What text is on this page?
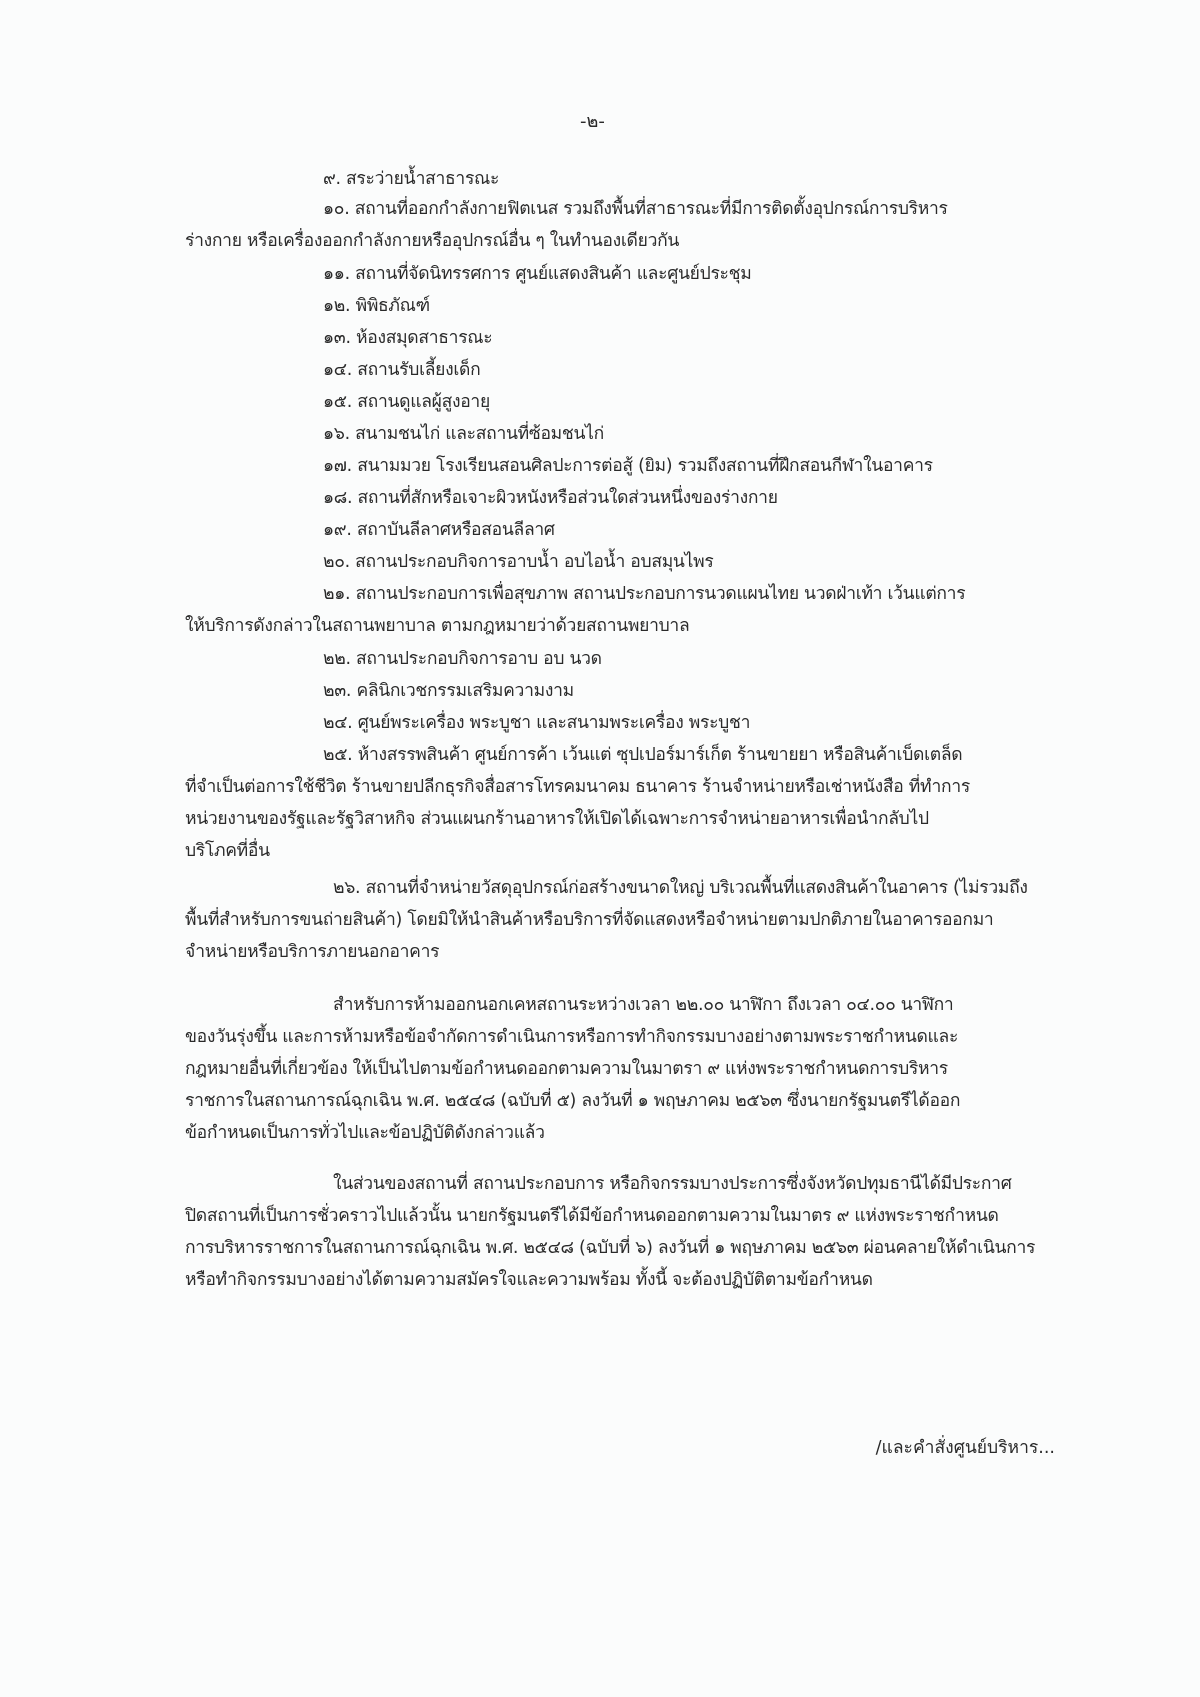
-๒-
๙. สระว่ายน้ำสาธารณะ
๑๐. สถานที่ออกกำลังกายฟิตเนส รวมถึงพื้นที่สาธารณะที่มีการติดตั้งอุปกรณ์การบริหาร
ร่างกาย หรือเครื่องออกกำลังกายหรืออุปกรณ์อื่น ๆ ในทำนองเดียวกัน
๑๑. สถานที่จัดนิทรรศการ ศูนย์แสดงสินค้า และศูนย์ประชุม
๑๒. พิพิธภัณฑ์
๑๓. ห้องสมุดสาธารณะ
๑๔. สถานรับเลี้ยงเด็ก
๑๕. สถานดูแลผู้สูงอายุ
๑๖. สนามชนไก่ และสถานที่ซ้อมชนไก่
๑๗. สนามมวย โรงเรียนสอนศิลปะการต่อสู้ (ยิม) รวมถึงสถานที่ฝึกสอนกีฬาในอาคาร
๑๘. สถานที่สักหรือเจาะผิวหนังหรือส่วนใดส่วนหนึ่งของร่างกาย
๑๙. สถาบันลีลาศหรือสอนลีลาศ
๒๐. สถานประกอบกิจการอาบน้ำ อบไอน้ำ อบสมุนไพร
๒๑. สถานประกอบการเพื่อสุขภาพ สถานประกอบการนวดแผนไทย นวดฝ่าเท้า เว้นแต่การ
ให้บริการดังกล่าวในสถานพยาบาล ตามกฎหมายว่าด้วยสถานพยาบาล
๒๒. สถานประกอบกิจการอาบ อบ นวด
๒๓. คลินิกเวชกรรมเสริมความงาม
๒๔. ศูนย์พระเครื่อง พระบูชา และสนามพระเครื่อง พระบูชา
๒๕. ห้างสรรพสินค้า ศูนย์การค้า เว้นแต่ ซุปเปอร์มาร์เก็ต ร้านขายยา หรือสินค้าเบ็ดเตล็ด
ที่จำเป็นต่อการใช้ชีวิต ร้านขายปลีกธุรกิจสื่อสารโทรคมนาคม ธนาคาร ร้านจำหน่ายหรือเช่าหนังสือ ที่ทำการ
หน่วยงานของรัฐและรัฐวิสาหกิจ ส่วนแผนกร้านอาหารให้เปิดได้เฉพาะการจำหน่ายอาหารเพื่อนำกลับไป
บริโภคที่อื่น
๒๖. สถานที่จำหน่ายวัสดุอุปกรณ์ก่อสร้างขนาดใหญ่ บริเวณพื้นที่แสดงสินค้าในอาคาร (ไม่รวมถึง
พื้นที่สำหรับการขนถ่ายสินค้า) โดยมิให้นำสินค้าหรือบริการที่จัดแสดงหรือจำหน่ายตามปกติภายในอาคารออกมา
จำหน่ายหรือบริการภายนอกอาคาร
สำหรับการห้ามออกนอกเคหสถานระหว่างเวลา ๒๒.๐๐ นาฬิกา ถึงเวลา ๐๔.๐๐ นาฬิกา
ของวันรุ่งขึ้น และการห้ามหรือข้อจำกัดการดำเนินการหรือการทำกิจกรรมบางอย่างตามพระราชกำหนดและ
กฎหมายอื่นที่เกี่ยวข้อง ให้เป็นไปตามข้อกำหนดออกตามความในมาตรา ๙ แห่งพระราชกำหนดการบริหาร
ราชการในสถานการณ์ฉุกเฉิน พ.ศ. ๒๕๔๘ (ฉบับที่ ๕) ลงวันที่ ๑ พฤษภาคม ๒๕๖๓ ซึ่งนายกรัฐมนตรีได้ออก
ข้อกำหนดเป็นการทั่วไปและข้อปฏิบัติดังกล่าวแล้ว
ในส่วนของสถานที่ สถานประกอบการ หรือกิจกรรมบางประการซึ่งจังหวัดปทุมธานีได้มีประกาศ
ปิดสถานที่เป็นการชั่วคราวไปแล้วนั้น นายกรัฐมนตรีได้มีข้อกำหนดออกตามความในมาตร ๙ แห่งพระราชกำหนด
การบริหารราชการในสถานการณ์ฉุกเฉิน พ.ศ. ๒๕๔๘ (ฉบับที่ ๖) ลงวันที่ ๑ พฤษภาคม ๒๕๖๓ ผ่อนคลายให้ดำเนินการ
หรือทำกิจกรรมบางอย่างได้ตามความสมัครใจและความพร้อม ทั้งนี้ จะต้องปฏิบัติตามข้อกำหนด
/และคำสั่งศูนย์บริหาร...
